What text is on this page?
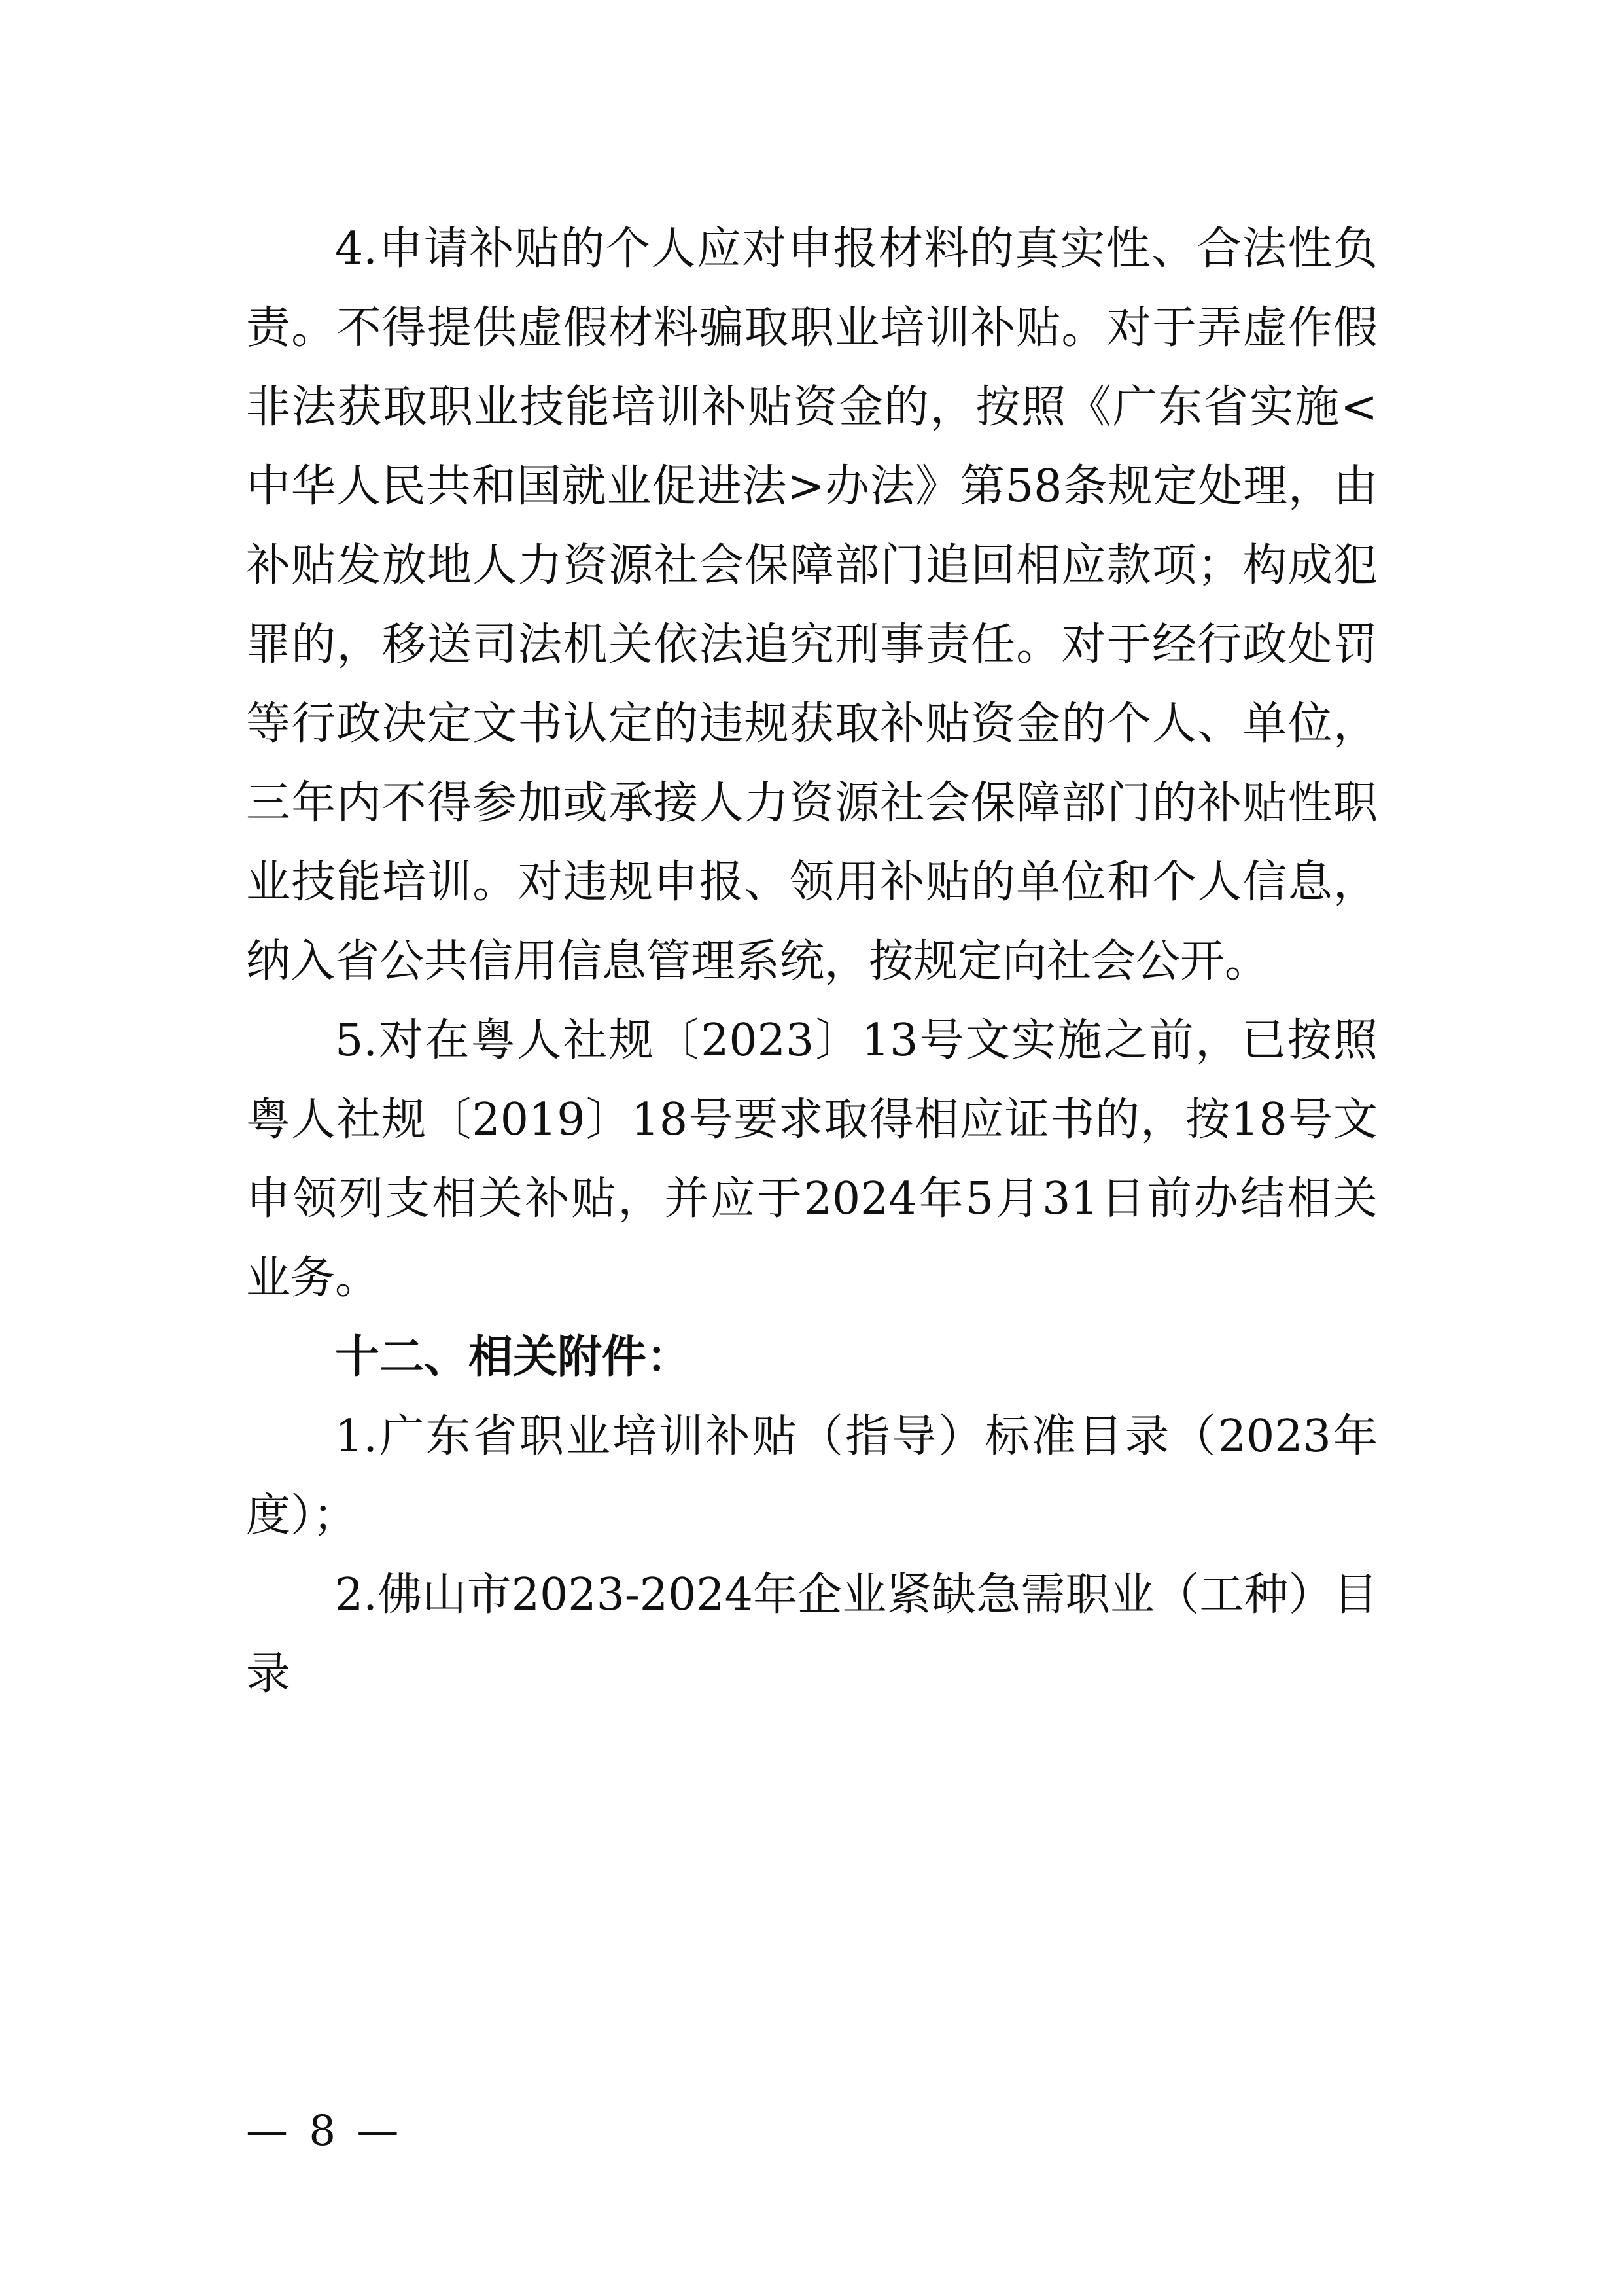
4.申请补贴的个人应对申报材料的真实性、合法性负责。不得提供虚假材料骗取职业培训补贴。对于弄虚作假非法获取职业技能培训补贴资金的，按照《广东省实施<中华人民共和国就业促进法>办法》第58条规定处理，由补贴发放地人力资源社会保障部门追回相应款项；构成犯罪的，移送司法机关依法追究刑事责任。对于经行政处罚等行政决定文书认定的违规获取补贴资金的个人、单位，三年内不得参加或承接人力资源社会保障部门的补贴性职业技能培训。对违规申报、领用补贴的单位和个人信息，纳入省公共信用信息管理系统，按规定向社会公开。

5.对在粤人社规〔2023〕13号文实施之前，已按照粤人社规〔2019〕18号要求取得相应证书的，按18号文申领列支相关补贴，并应于2024年5月31日前办结相关业务。

十二、相关附件：

1.广东省职业培训补贴（指导）标准目录（2023年度）；

2.佛山市2023-2024年企业紧缺急需职业（工种）目录

— 8 —
